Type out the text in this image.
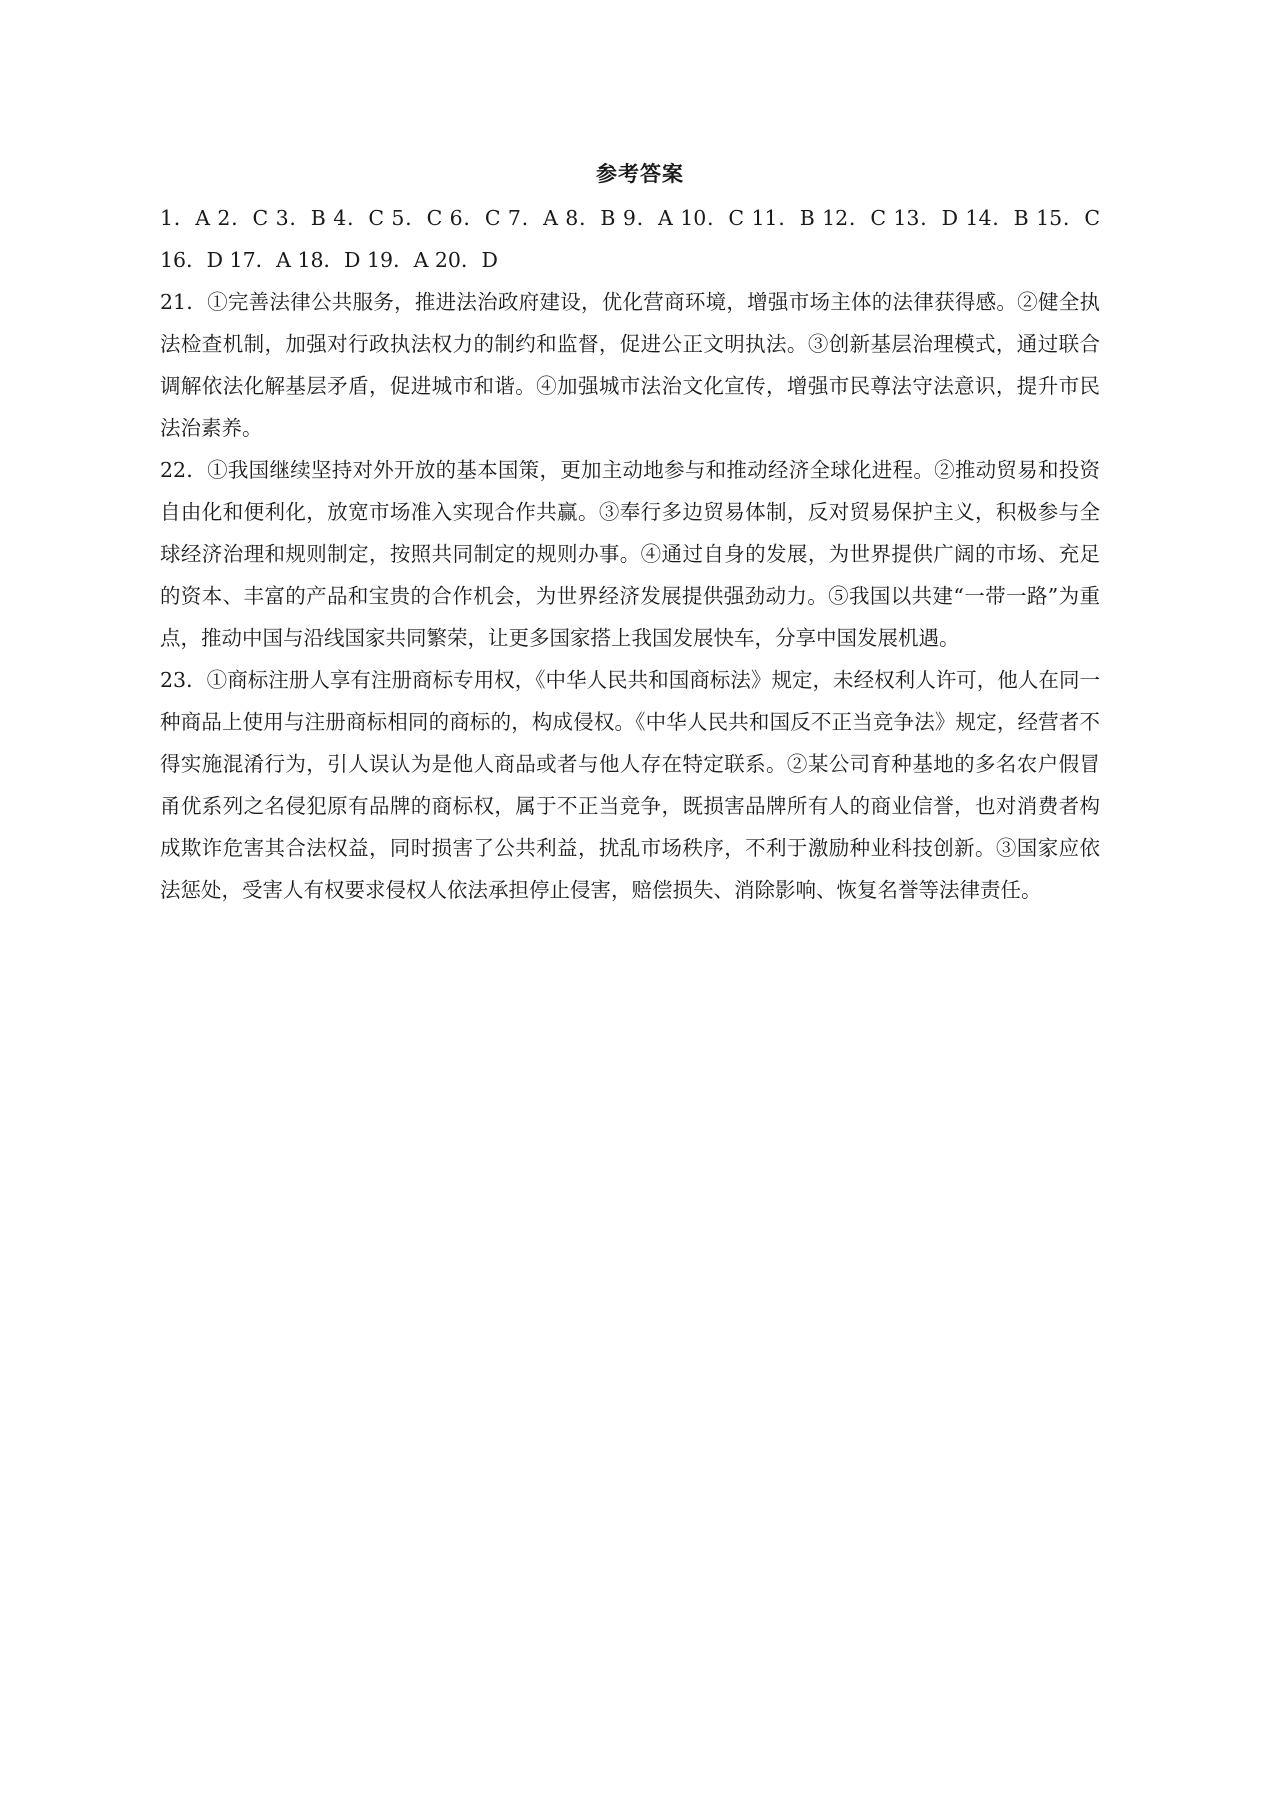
参考答案

1．A 2．C 3．B 4．C 5．C 6．C 7．A 8．B 9．A 10．C 11．B 12．C 13．D 14．B 15．C 16．D 17．A 18．D 19．A 20．D

21．①完善法律公共服务，推进法治政府建设，优化营商环境，增强市场主体的法律获得感。②健全执法检查机制，加强对行政执法权力的制约和监督，促进公正文明执法。③创新基层治理模式，通过联合调解依法化解基层矛盾，促进城市和谐。④加强城市法治文化宣传，增强市民尊法守法意识，提升市民法治素养。

22．①我国继续坚持对外开放的基本国策，更加主动地参与和推动经济全球化进程。②推动贸易和投资自由化和便利化，放宽市场准入实现合作共赢。③奉行多边贸易体制，反对贸易保护主义，积极参与全球经济治理和规则制定，按照共同制定的规则办事。④通过自身的发展，为世界提供广阔的市场、充足的资本、丰富的产品和宝贵的合作机会，为世界经济发展提供强劲动力。⑤我国以共建“一带一路”为重点，推动中国与沿线国家共同繁荣，让更多国家搭上我国发展快车，分享中国发展机遇。

23．①商标注册人享有注册商标专用权，《中华人民共和国商标法》规定，未经权利人许可，他人在同一种商品上使用与注册商标相同的商标的，构成侵权。《中华人民共和国反不正当竞争法》规定，经营者不得实施混淆行为，引人误认为是他人商品或者与他人存在特定联系。②某公司育种基地的多名农户假冒甬优系列之名侵犯原有品牌的商标权，属于不正当竞争，既损害品牌所有人的商业信誉，也对消费者构成欺诈危害其合法权益，同时损害了公共利益，扰乱市场秩序，不利于激励种业科技创新。③国家应依法惩处，受害人有权要求侵权人依法承担停止侵害，赔偿损失、消除影响、恢复名誉等法律责任。
